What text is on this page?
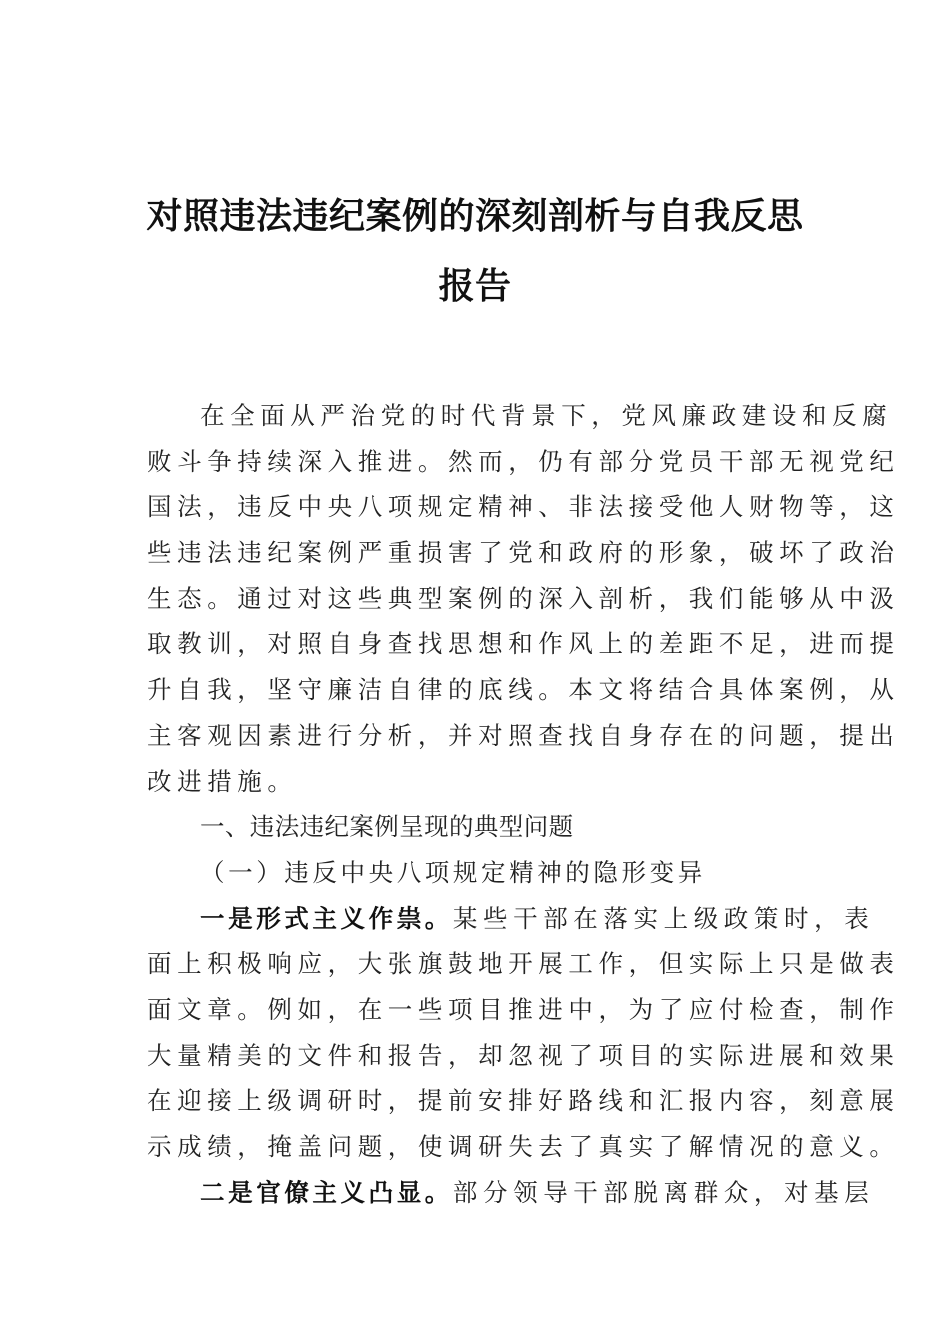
对照违法违纪案例的深刻剖析与自我反思
报告
在全面从严治党的时代背景下，党风廉政建设和反腐
败斗争持续深入推进。然而，仍有部分党员干部无视党纪
国法，违反中央八项规定精神、非法接受他人财物等，这
些违法违纪案例严重损害了党和政府的形象，破坏了政治
生态。通过对这些典型案例的深入剖析，我们能够从中汲
取教训，对照自身查找思想和作风上的差距不足，进而提
升自我，坚守廉洁自律的底线。本文将结合具体案例，从
主客观因素进行分析，并对照查找自身存在的问题，提出
改进措施。
一、违法违纪案例呈现的典型问题
（一）违反中央八项规定精神的隐形变异
一是形式主义作祟。某些干部在落实上级政策时，表
面上积极响应，大张旗鼓地开展工作，但实际上只是做表
面文章。例如，在一些项目推进中，为了应付检查，制作
大量精美的文件和报告，却忽视了项目的实际进展和效果
在迎接上级调研时，提前安排好路线和汇报内容，刻意展
示成绩，掩盖问题，使调研失去了真实了解情况的意义。
二是官僚主义凸显。部分领导干部脱离群众，对基层
